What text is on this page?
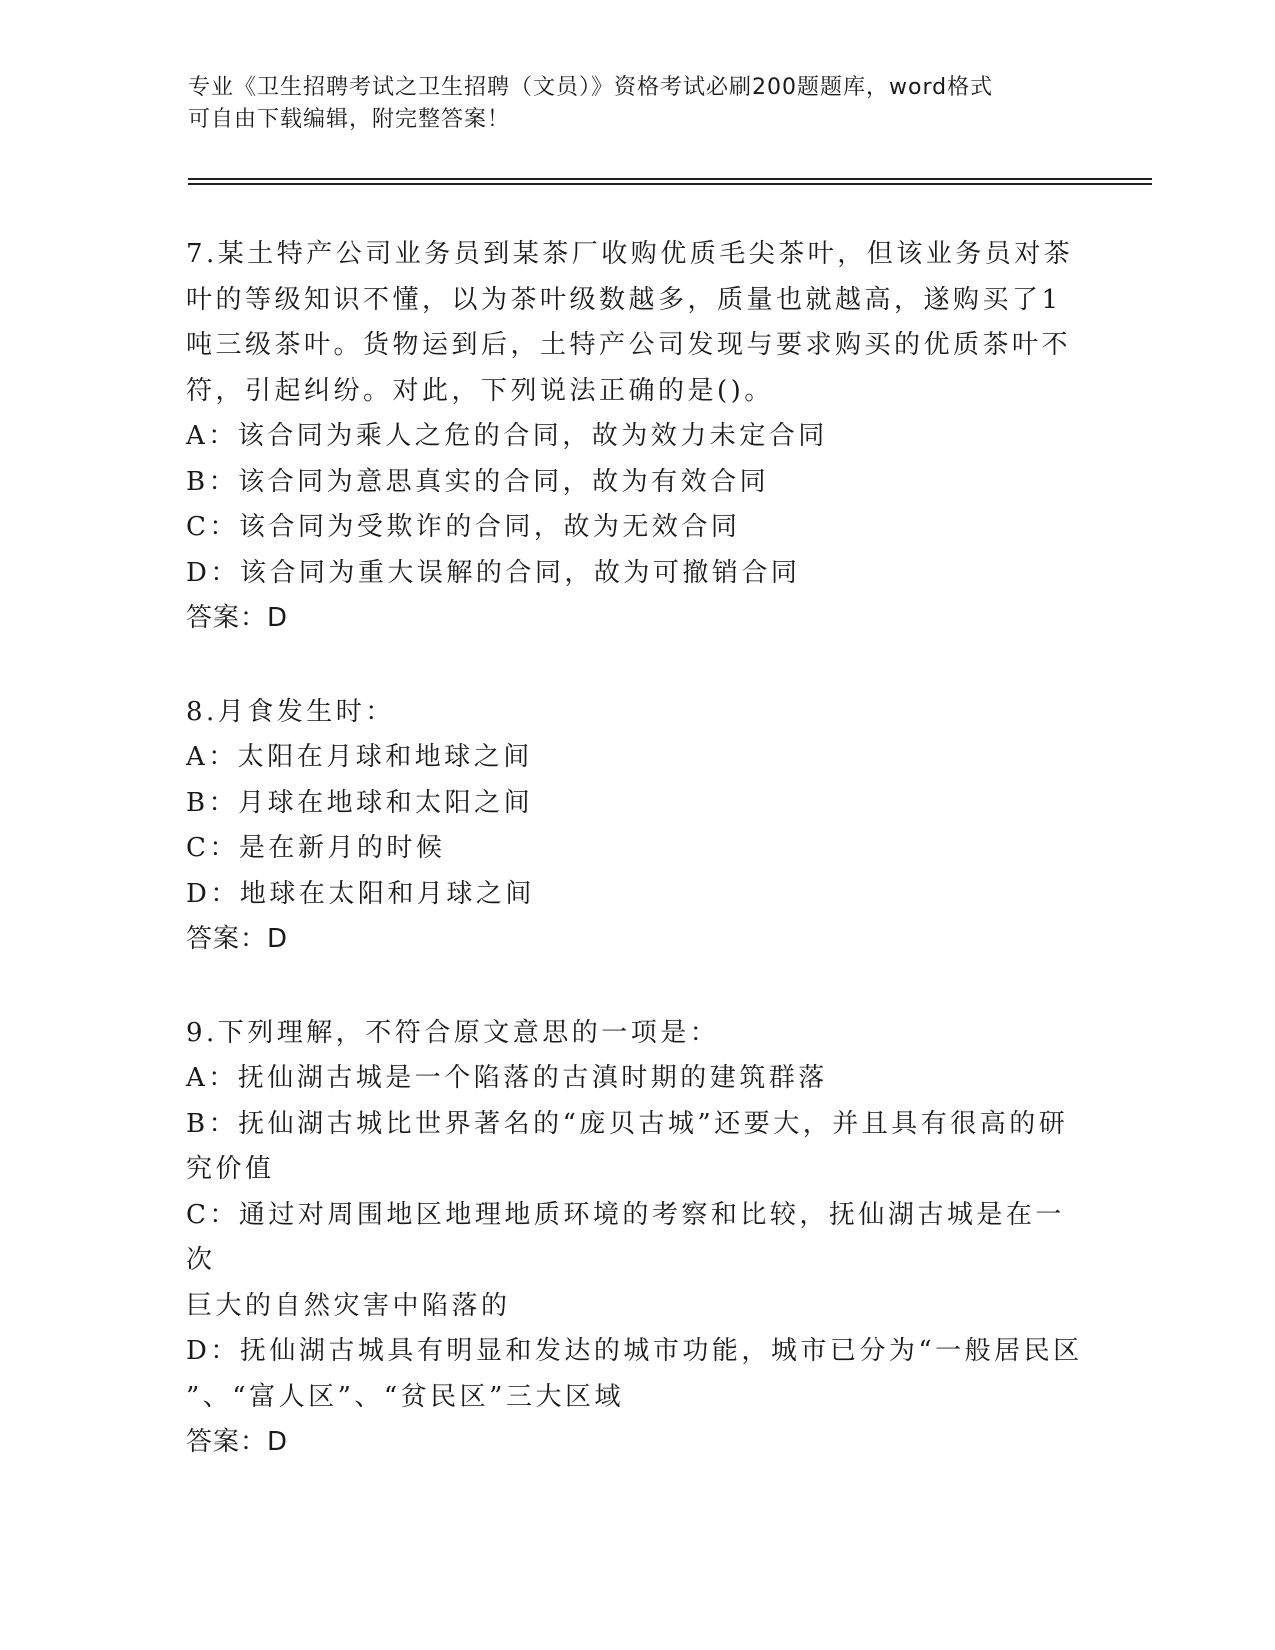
专业《卫生招聘考试之卫生招聘（文员）》资格考试必刷200题题库，word格式
可自由下载编辑，附完整答案！
7.某土特产公司业务员到某茶厂收购优质毛尖茶叶，但该业务员对茶
叶的等级知识不懂，以为茶叶级数越多，质量也就越高，遂购买了1
吨三级茶叶。货物运到后，土特产公司发现与要求购买的优质茶叶不
符，引起纠纷。对此，下列说法正确的是()。
A：该合同为乘人之危的合同，故为效力未定合同
B：该合同为意思真实的合同，故为有效合同
C：该合同为受欺诈的合同，故为无效合同
D：该合同为重大误解的合同，故为可撤销合同
答案：D
8.月食发生时：
A：太阳在月球和地球之间
B：月球在地球和太阳之间
C：是在新月的时候
D：地球在太阳和月球之间
答案：D
9.下列理解，不符合原文意思的一项是：
A：抚仙湖古城是一个陷落的古滇时期的建筑群落
B：抚仙湖古城比世界著名的“庞贝古城”还要大，并且具有很高的研
究价值
C：通过对周围地区地理地质环境的考察和比较，抚仙湖古城是在一次
巨大的自然灾害中陷落的
D：抚仙湖古城具有明显和发达的城市功能，城市已分为“一般居民区
”、“富人区”、“贫民区”三大区域
答案：D
